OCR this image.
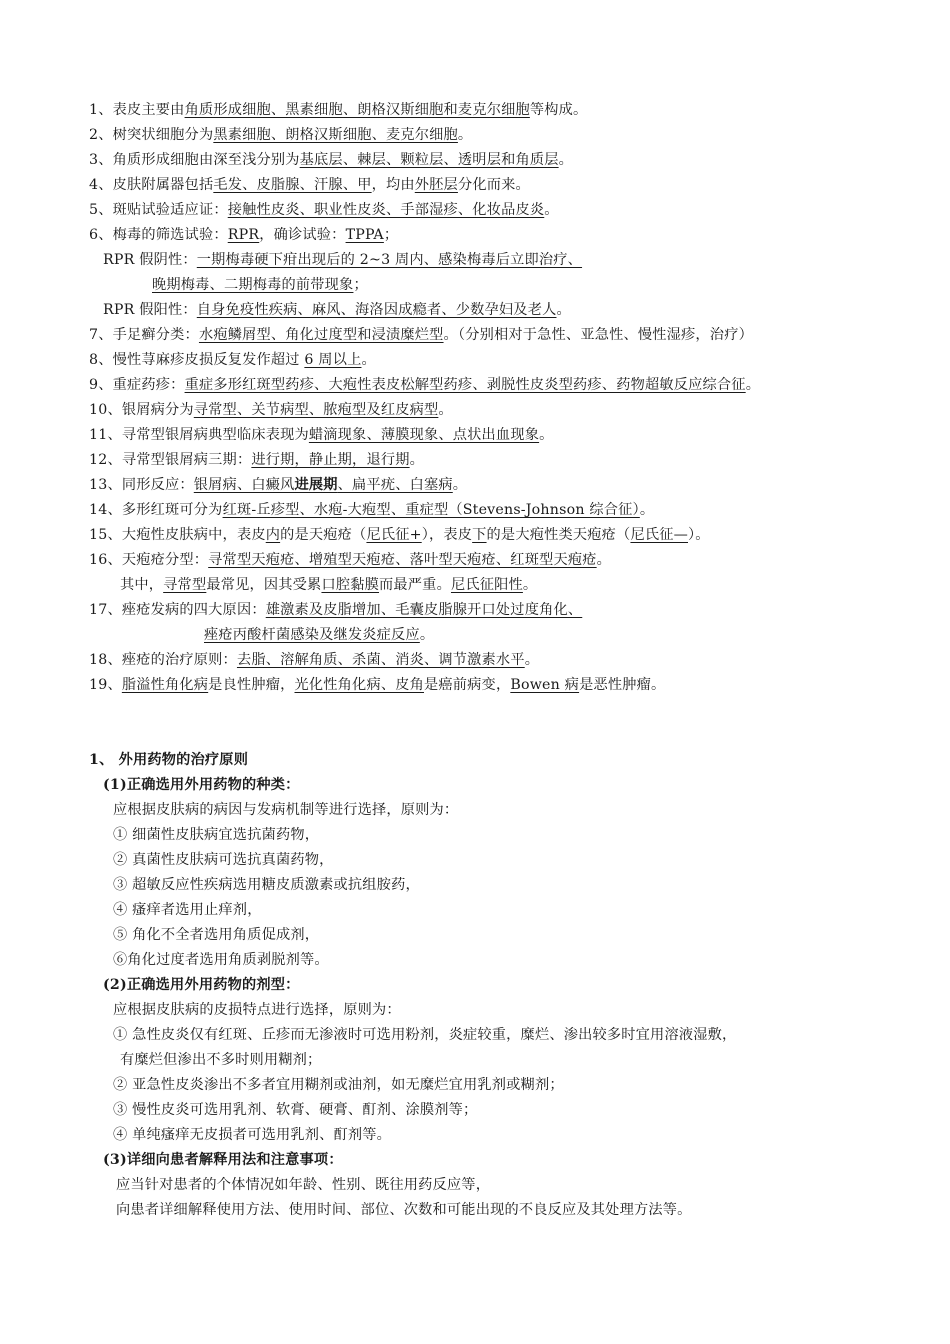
1、表皮主要由角质形成细胞、黑素细胞、朗格汉斯细胞和麦克尔细胞等构成。
2、树突状细胞分为黑素细胞、朗格汉斯细胞、麦克尔细胞。
3、角质形成细胞由深至浅分别为基底层、棘层、颗粒层、透明层和角质层。
4、皮肤附属器包括毛发、皮脂腺、汗腺、甲，均由外胚层分化而来。
5、斑贴试验适应证：接触性皮炎、职业性皮炎、手部湿疹、化妆品皮炎。
6、梅毒的筛选试验：RPR，确诊试验：TPPA；
RPR 假阴性：一期梅毒硬下疳出现后的 2~3 周内、感染梅毒后立即治疗、
晚期梅毒、二期梅毒的前带现象；
RPR 假阳性：自身免疫性疾病、麻风、海洛因成瘾者、少数孕妇及老人。
7、手足癣分类：水疱鳞屑型、角化过度型和浸渍糜烂型。（分别相对于急性、亚急性、慢性湿疹，治疗）
8、慢性荨麻疹皮损反复发作超过 6 周以上。
9、重症药疹：重症多形红斑型药疹、大疱性表皮松解型药疹、剥脱性皮炎型药疹、药物超敏反应综合征。
10、银屑病分为寻常型、关节病型、脓疱型及红皮病型。
11、寻常型银屑病典型临床表现为蜡滴现象、薄膜现象、点状出血现象。
12、寻常型银屑病三期：进行期，静止期，退行期。
13、同形反应：银屑病、白癜风进展期、扁平疣、白塞病。
14、多形红斑可分为红斑-丘疹型、水疱-大疱型、重症型（Stevens-Johnson 综合征）。
15、大疱性皮肤病中，表皮内的是天疱疮（尼氏征+），表皮下的是大疱性类天疱疮（尼氏征—）。
16、天疱疮分型：寻常型天疱疮、增殖型天疱疮、落叶型天疱疮、红斑型天疱疮。
其中，寻常型最常见，因其受累口腔黏膜而最严重。尼氏征阳性。
17、痤疮发病的四大原因：雄激素及皮脂增加、毛囊皮脂腺开口处过度角化、
痤疮丙酸杆菌感染及继发炎症反应。
18、痤疮的治疗原则：去脂、溶解角质、杀菌、消炎、调节激素水平。
19、脂溢性角化病是良性肿瘤，光化性角化病、皮角是癌前病变，Bowen 病是恶性肿瘤。
1、 外用药物的治疗原则
(1)正确选用外用药物的种类：
应根据皮肤病的病因与发病机制等进行选择，原则为：
① 细菌性皮肤病宜选抗菌药物，
② 真菌性皮肤病可选抗真菌药物，
③ 超敏反应性疾病选用糖皮质激素或抗组胺药，
④ 瘙痒者选用止痒剂，
⑤ 角化不全者选用角质促成剂，
⑥角化过度者选用角质剥脱剂等。
(2)正确选用外用药物的剂型：
应根据皮肤病的皮损特点进行选择，原则为：
① 急性皮炎仅有红斑、丘疹而无渗液时可选用粉剂，炎症较重，糜烂、渗出较多时宜用溶液湿敷，
有糜烂但渗出不多时则用糊剂；
② 亚急性皮炎渗出不多者宜用糊剂或油剂，如无糜烂宜用乳剂或糊剂；
③ 慢性皮炎可选用乳剂、软膏、硬膏、酊剂、涂膜剂等；
④ 单纯瘙痒无皮损者可选用乳剂、酊剂等。
(3)详细向患者解释用法和注意事项：
应当针对患者的个体情况如年龄、性别、既往用药反应等，
向患者详细解释使用方法、使用时间、部位、次数和可能出现的不良反应及其处理方法等。
